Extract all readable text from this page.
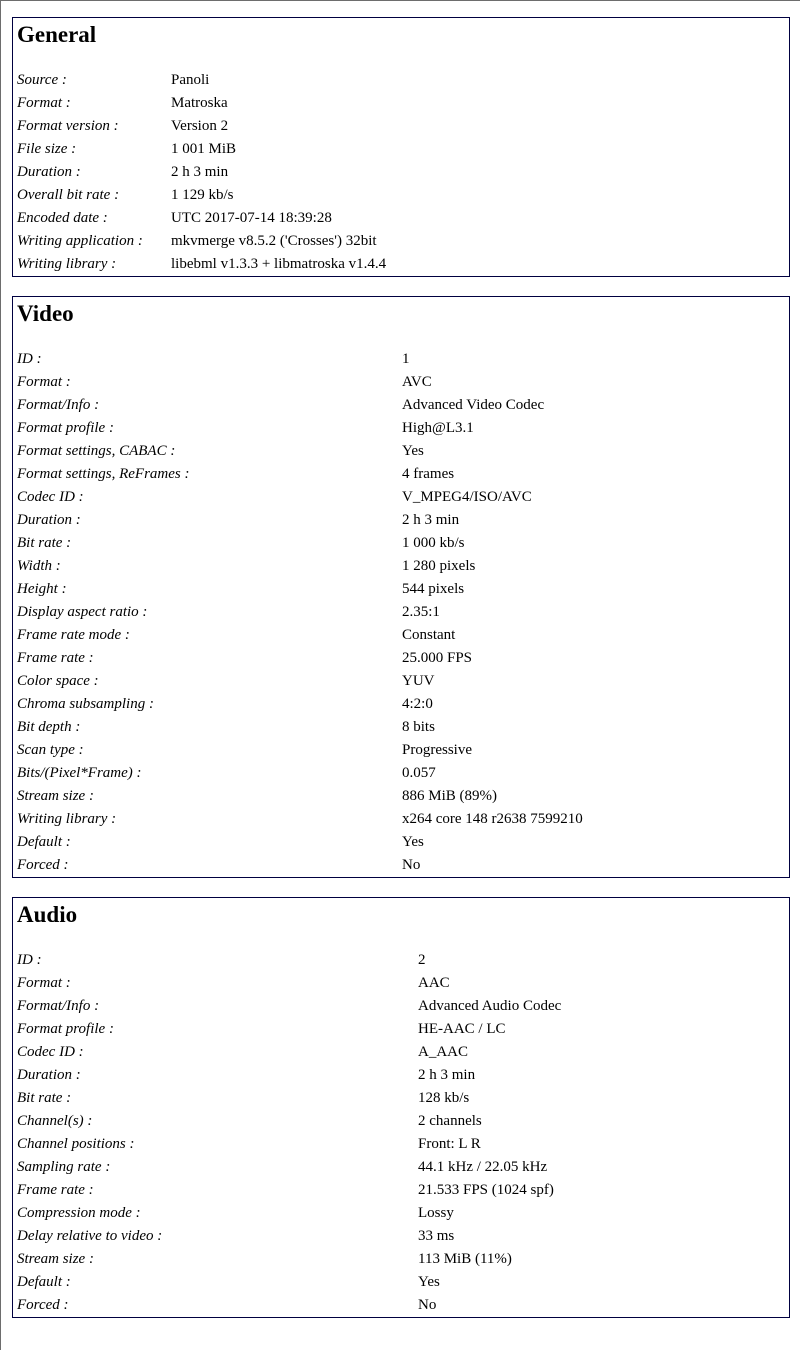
General
Source :	Panoli
Format :	Matroska
Format version :	Version 2
File size :	1 001 MiB
Duration :	2 h 3 min
Overall bit rate :	1 129 kb/s
Encoded date :	UTC 2017-07-14 18:39:28
Writing application :	mkvmerge v8.5.2 ('Crosses') 32bit
Writing library :	libebml v1.3.3 + libmatroska v1.4.4
Video
ID :	1
Format :	AVC
Format/Info :	Advanced Video Codec
Format profile :	High@L3.1
Format settings, CABAC :	Yes
Format settings, ReFrames :	4 frames
Codec ID :	V_MPEG4/ISO/AVC
Duration :	2 h 3 min
Bit rate :	1 000 kb/s
Width :	1 280 pixels
Height :	544 pixels
Display aspect ratio :	2.35:1
Frame rate mode :	Constant
Frame rate :	25.000 FPS
Color space :	YUV
Chroma subsampling :	4:2:0
Bit depth :	8 bits
Scan type :	Progressive
Bits/(Pixel*Frame) :	0.057
Stream size :	886 MiB (89%)
Writing library :	x264 core 148 r2638 7599210
Default :	Yes
Forced :	No
Audio
ID :	2
Format :	AAC
Format/Info :	Advanced Audio Codec
Format profile :	HE-AAC / LC
Codec ID :	A_AAC
Duration :	2 h 3 min
Bit rate :	128 kb/s
Channel(s) :	2 channels
Channel positions :	Front: L R
Sampling rate :	44.1 kHz / 22.05 kHz
Frame rate :	21.533 FPS (1024 spf)
Compression mode :	Lossy
Delay relative to video :	33 ms
Stream size :	113 MiB (11%)
Default :	Yes
Forced :	No
